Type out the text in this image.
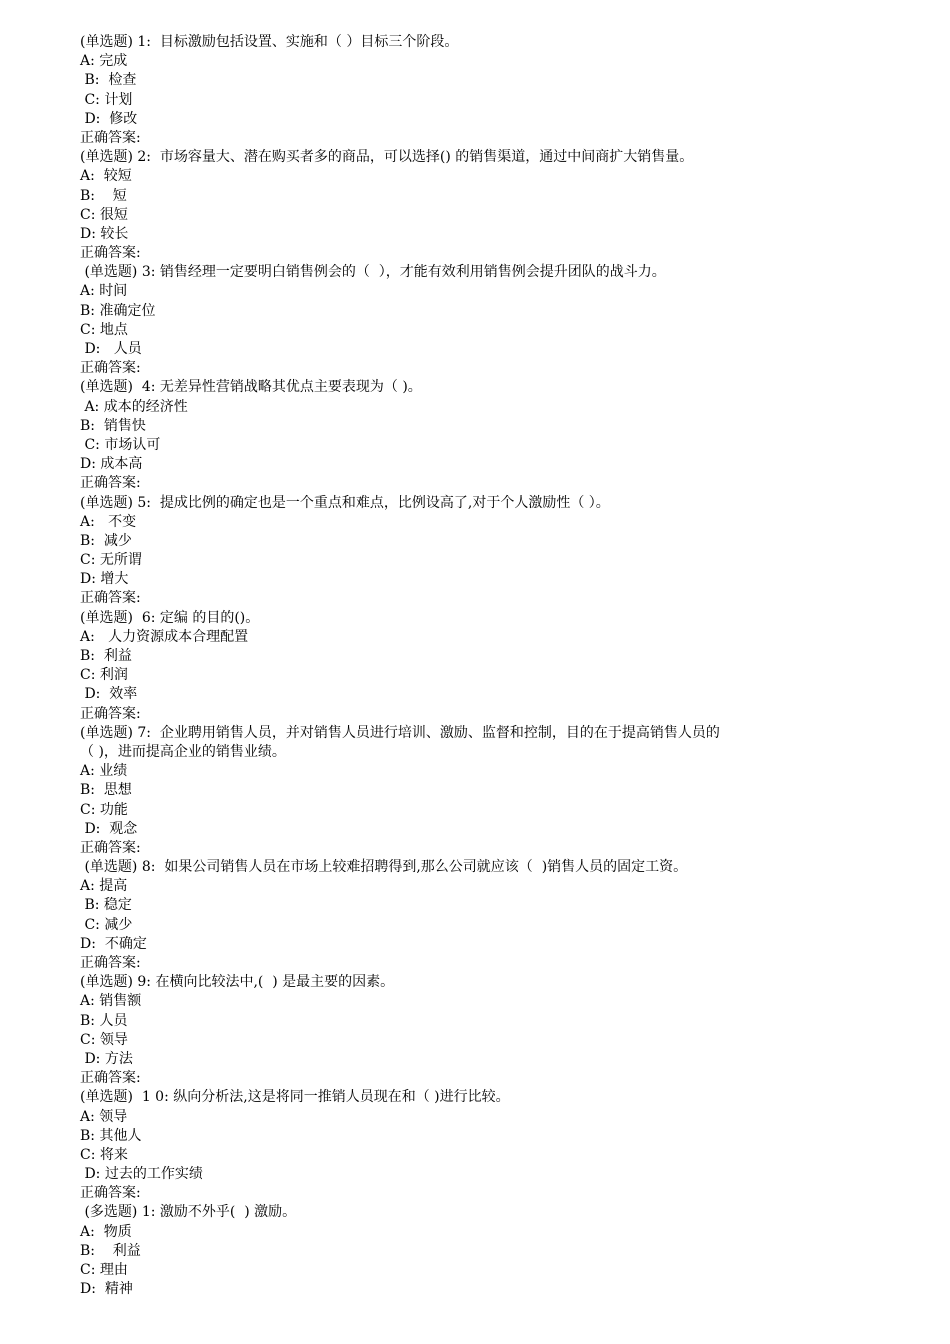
(单选题) 1:  目标激励包括设置、实施和（ ）目标三个阶段。
A: 完成
B:  检查
C: 计划
D:  修改
正确答案:
(单选题) 2:  市场容量大、潜在购买者多的商品，可以选择() 的销售渠道，通过中间商扩大销售量。
A:  较短
B:    短
C: 很短
D: 较长
正确答案:
(单选题) 3: 销售经理一定要明白销售例会的（  ），才能有效利用销售例会提升团队的战斗力。
A: 时间
B: 准确定位
C: 地点
D:   人员
正确答案:
(单选题)  4: 无差异性营销战略其优点主要表现为（ )。
A: 成本的经济性
B:  销售快
C: 市场认可
D: 成本高
正确答案:
(单选题) 5:  提成比例的确定也是一个重点和难点，比例设高了,对于个人激励性（ ）。
A:   不变
B:  减少
C: 无所谓
D: 增大
正确答案:
(单选题)  6: 定编 的目的()。
A:   人力资源成本合理配置
B:  利益
C: 利润
D:  效率
正确答案:
(单选题) 7:  企业聘用销售人员，并对销售人员进行培训、激励、监督和控制，目的在于提高销售人员的
（ )，进而提高企业的销售业绩。
A: 业绩
B:  思想
C: 功能
D:  观念
正确答案:
(单选题) 8:  如果公司销售人员在市场上较难招聘得到,那么公司就应该（  )销售人员的固定工资。
A: 提高
B: 稳定
C: 减少
D:  不确定
正确答案:
(单选题) 9: 在横向比较法中,(  ) 是最主要的因素。
A: 销售额
B: 人员
C: 领导
D: 方法
正确答案:
(单选题)  1 0: 纵向分析法,这是将同一推销人员现在和（ )进行比较。
A: 领导
B: 其他人
C: 将来
D: 过去的工作实绩
正确答案:
(多选题) 1: 激励不外乎(  ) 激励。
A:  物质
B:    利益
C: 理由
D:  精神
